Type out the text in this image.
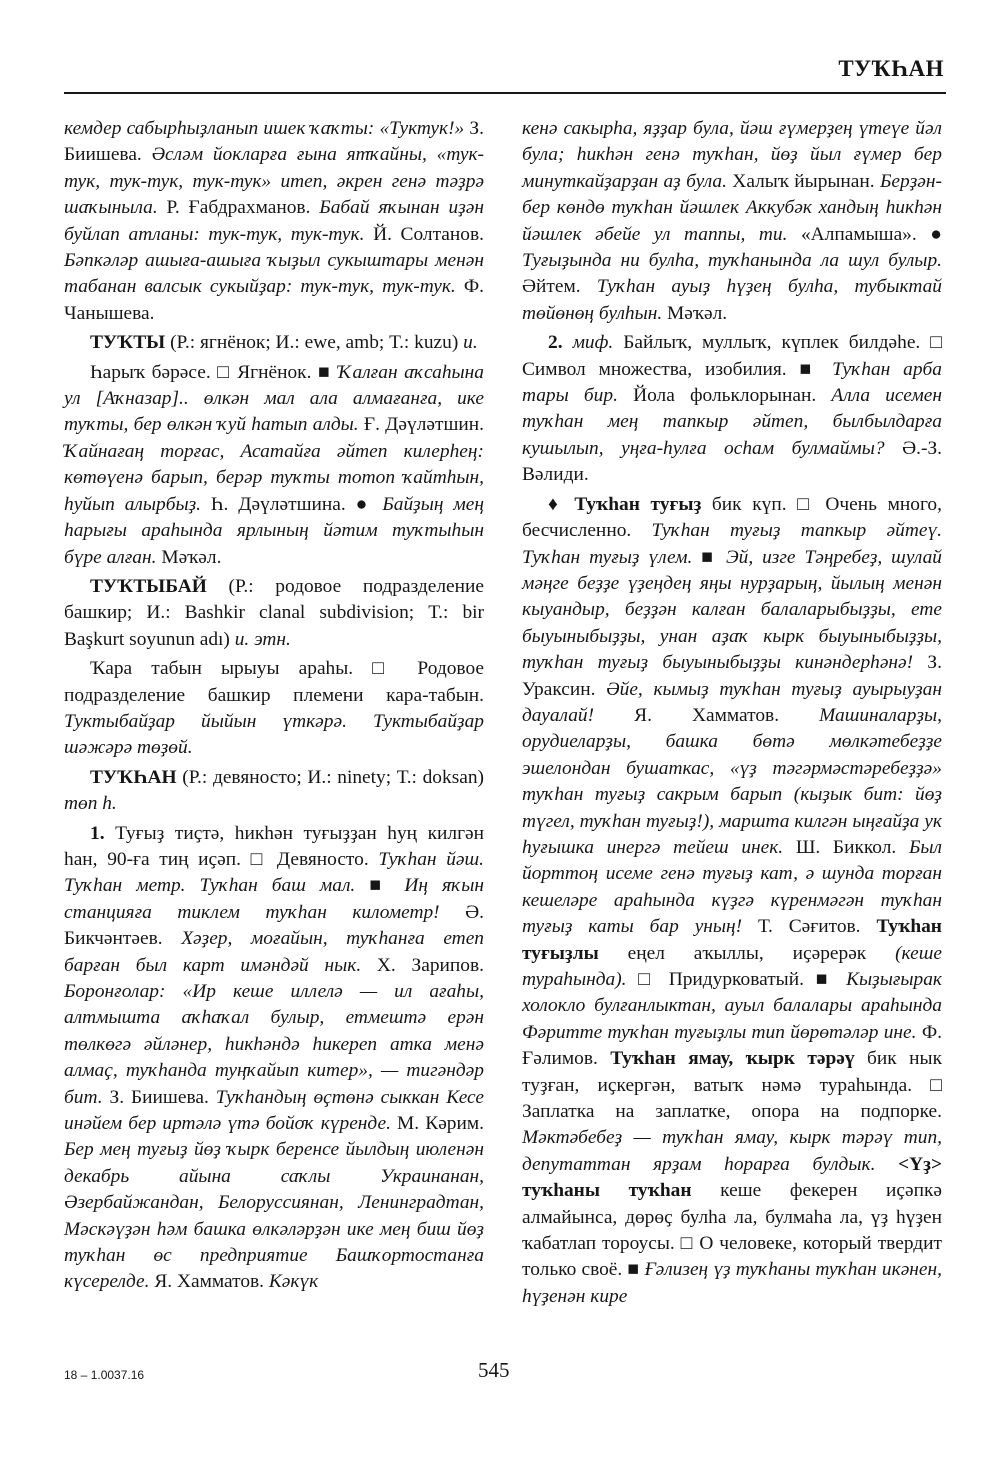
ТУҠҺАН

кемдер сабырһыҙланып ишек ҡаҡты: «Туктук!» З. Биишева. Әсләм йокларға ғына ятҡайны, «тук-тук, тук-тук, тук-тук» итеп, әкрен генә тәҙрә шаҡыныла. Р. Ғабдрахманов. Бабай яҡынан иҙән буйлап атланы: тук-тук, тук-тук. Й. Солтанов. Бәпкәләр ашыға-ашыға ҡыҙыл сукыштары менән табанан валсык сукыйҙар: тук-тук, тук-тук. Ф. Чанышева.

ТУҠТЫ (Р.: ягнёнок; И.: ewe, amb; Т.: kuzu) и.

Һарыҡ бәрәсе. □ Ягнёнок. ■ Ҡалған аҡсаһына ул [Аҡназар].. өлкән мал ала алмағанға, ике туҡты, бер өлкән ҡуй һатып алды. Ғ. Дәүләтшин. Ҡайнағаң торғас, Асатайға әйтеп килерһең: көтөүенә барып, берәр туҡты тотоп ҡайтһын, һуйып алырбыҙ. Һ. Дәүләтшина. ● Байҙың меӊ һарығы араһында ярлының йәтим туҡтыһын бүре алған. Мәҡәл.

ТУҠТЫБАЙ (Р.: родовое подразделение башкир; И.: Bashkir clanal subdivision; Т.: bir Başkurt soyunun adı) и. этн.

Ҡара табын ырыуы араһы. □ Родовое подразделение башкир племени кара-табын. Туктыбайҙар йыйын үткәрә. Туктыбайҙар шәжәрә төҙөй.

ТУҠҺАН (Р.: девяносто; И.: ninety; Т.: doksan) төп һ.

1. Туғыҙ тиҫтә, һикһән туғыҙҙан һуң килгән һан, 90-ға тиң иҫәп. □ Девяносто. Туҡһан йәш. Туҡһан метр. Туҡһан баш мал. ■ Иң яҡын станцияға тиклем туҡһан километр! Ә. Бикчәнтәев. Хәҙер, моғайын, туҡһанға етеп барған был карт имәндәй нык. Х. Зарипов. Боронғолар: «Ир кеше иллелә — ил ағаһы, алтмышта аҡһаҡал булыр, етмештә ерән төлкөгә әйләнер, һикһәндә һикереп атка менә алмаҫ, туҡһанда туңҡайып китер», — тигәндәр бит. З. Биишева. Туҡһандың өҫтөнә сыккан Кесе инәйем бер иртәлә үтә бойоҡ күренде. М. Кәрим. Бер мең туғыҙ йөҙ ҡырк беренсе йылдың июленән декабрь айына саҡлы Украинанан, Әзербайжандан, Белоруссиянан, Ленинградтан, Мәскәүҙән һәм башка өлкәләрҙән ике мең биш йөҙ туҡһан өс предприятие Башҡортостанға күсерелде. Я. Хамматов. Кәкүк

кенә сакырһа, яҙҙар була, йәш ғүмерҙең үтеүе йәл була; һикһән генә туҡһан, йөҙ йыл ғүмер бер минуткайҙарҙан аҙ була. Халыҡ йырынан. Берҙән-бер көндө туҡһан йәшлек Аккубәк хандың һикһән йәшлек әбейе ул таппы, ти. «Алпамыша». ● Туғыҙында ни булһа, туҡһанында ла шул булыр. Әйтем. Туҡһан ауыҙ һүҙең булһа, тубыктай төйөнөң булһын. Мәҡәл.

2. миф. Байлыҡ, муллыҡ, күплек билдәһе. □ Символ множества, изобилия. ■ Туҡһан арба тары бир. Йола фольклорынан. Алла исемен туҡһан мең тапкыр әйтеп, былбылдарға кушылып, уңға-һулға осһам булмаймы? Ә.-З. Вәлиди.

♦ Туҡһан туғыҙ бик күп. □ Очень много, бесчисленно. Туҡһан туғыҙ тапкыр әйтеү. Туҡһан туғыҙ үлем. ■ Эй, изге Тәңребеҙ, шулай мәңге беҙҙе үҙеңдең яңы нурҙарың, йылың менән кыуандыр, беҙҙән калған балаларыбыҙҙы, ете быуыныбыҙҙы, унан аҙаҡ кырк быуыныбыҙҙы, туҡһан туғыҙ быуыныбыҙҙы кинәндерһәнә! З. Ураксин. Әйе, кымыҙ туҡһан туғыҙ ауырыуҙан дауалай! Я. Хамматов. Машиналарҙы, орудиеларҙы, башка бөтә мөлкәтебеҙҙе эшелондан бушаткас, «үҙ тәгәрмәстәребеҙҙә» туҡһан туғыҙ сакрым барып (кыҙык бит: йөҙ түгел, туҡһан туғыҙ!), маршта килгән ыңғайҙа ук һуғышка инергә тейеш инек. Ш. Биккол. Был йорттоң исеме генә туғыҙ кат, ә шунда торған кешеләре араһында күҙгә күренмәгән туҡһан туғыҙ каты бар уның! Т. Сәғитов. Туҡһан туғыҙлы еңел аҡыллы, иҫәрерәк (кеше тураһында). □ Придурковатый. ■ Кыҙығырак холоклo булғанлыктан, ауыл балалары араһында Фәритте туҡһан туғыҙлы тип йөрөтәләр ине. Ф. Ғәлимов. Туҡһан ямау, ҡырк тәрәү бик нык туҙған, иҫкергән, ватыҡ нәмә тураһында. □ Заплатка на заплатке, опора на подпорке. Мәктәбебеҙ — туҡһан ямау, кырк тәрәү тип, депутаттан ярҙам һорарға булдык. <Үҙ> туҡһаны туҡһан кеше фекерен иҫәпкә алмайынса, дөрөҫ булһа ла, булмаһа ла, үҙ һүҙен ҡабатлап тороусы. □ О человеке, который твердит только своё. ■ Ғәлизең үҙ туҡһаны туҡһан икәнен, һүҙенән кире

18 – 1.0037.16	545
